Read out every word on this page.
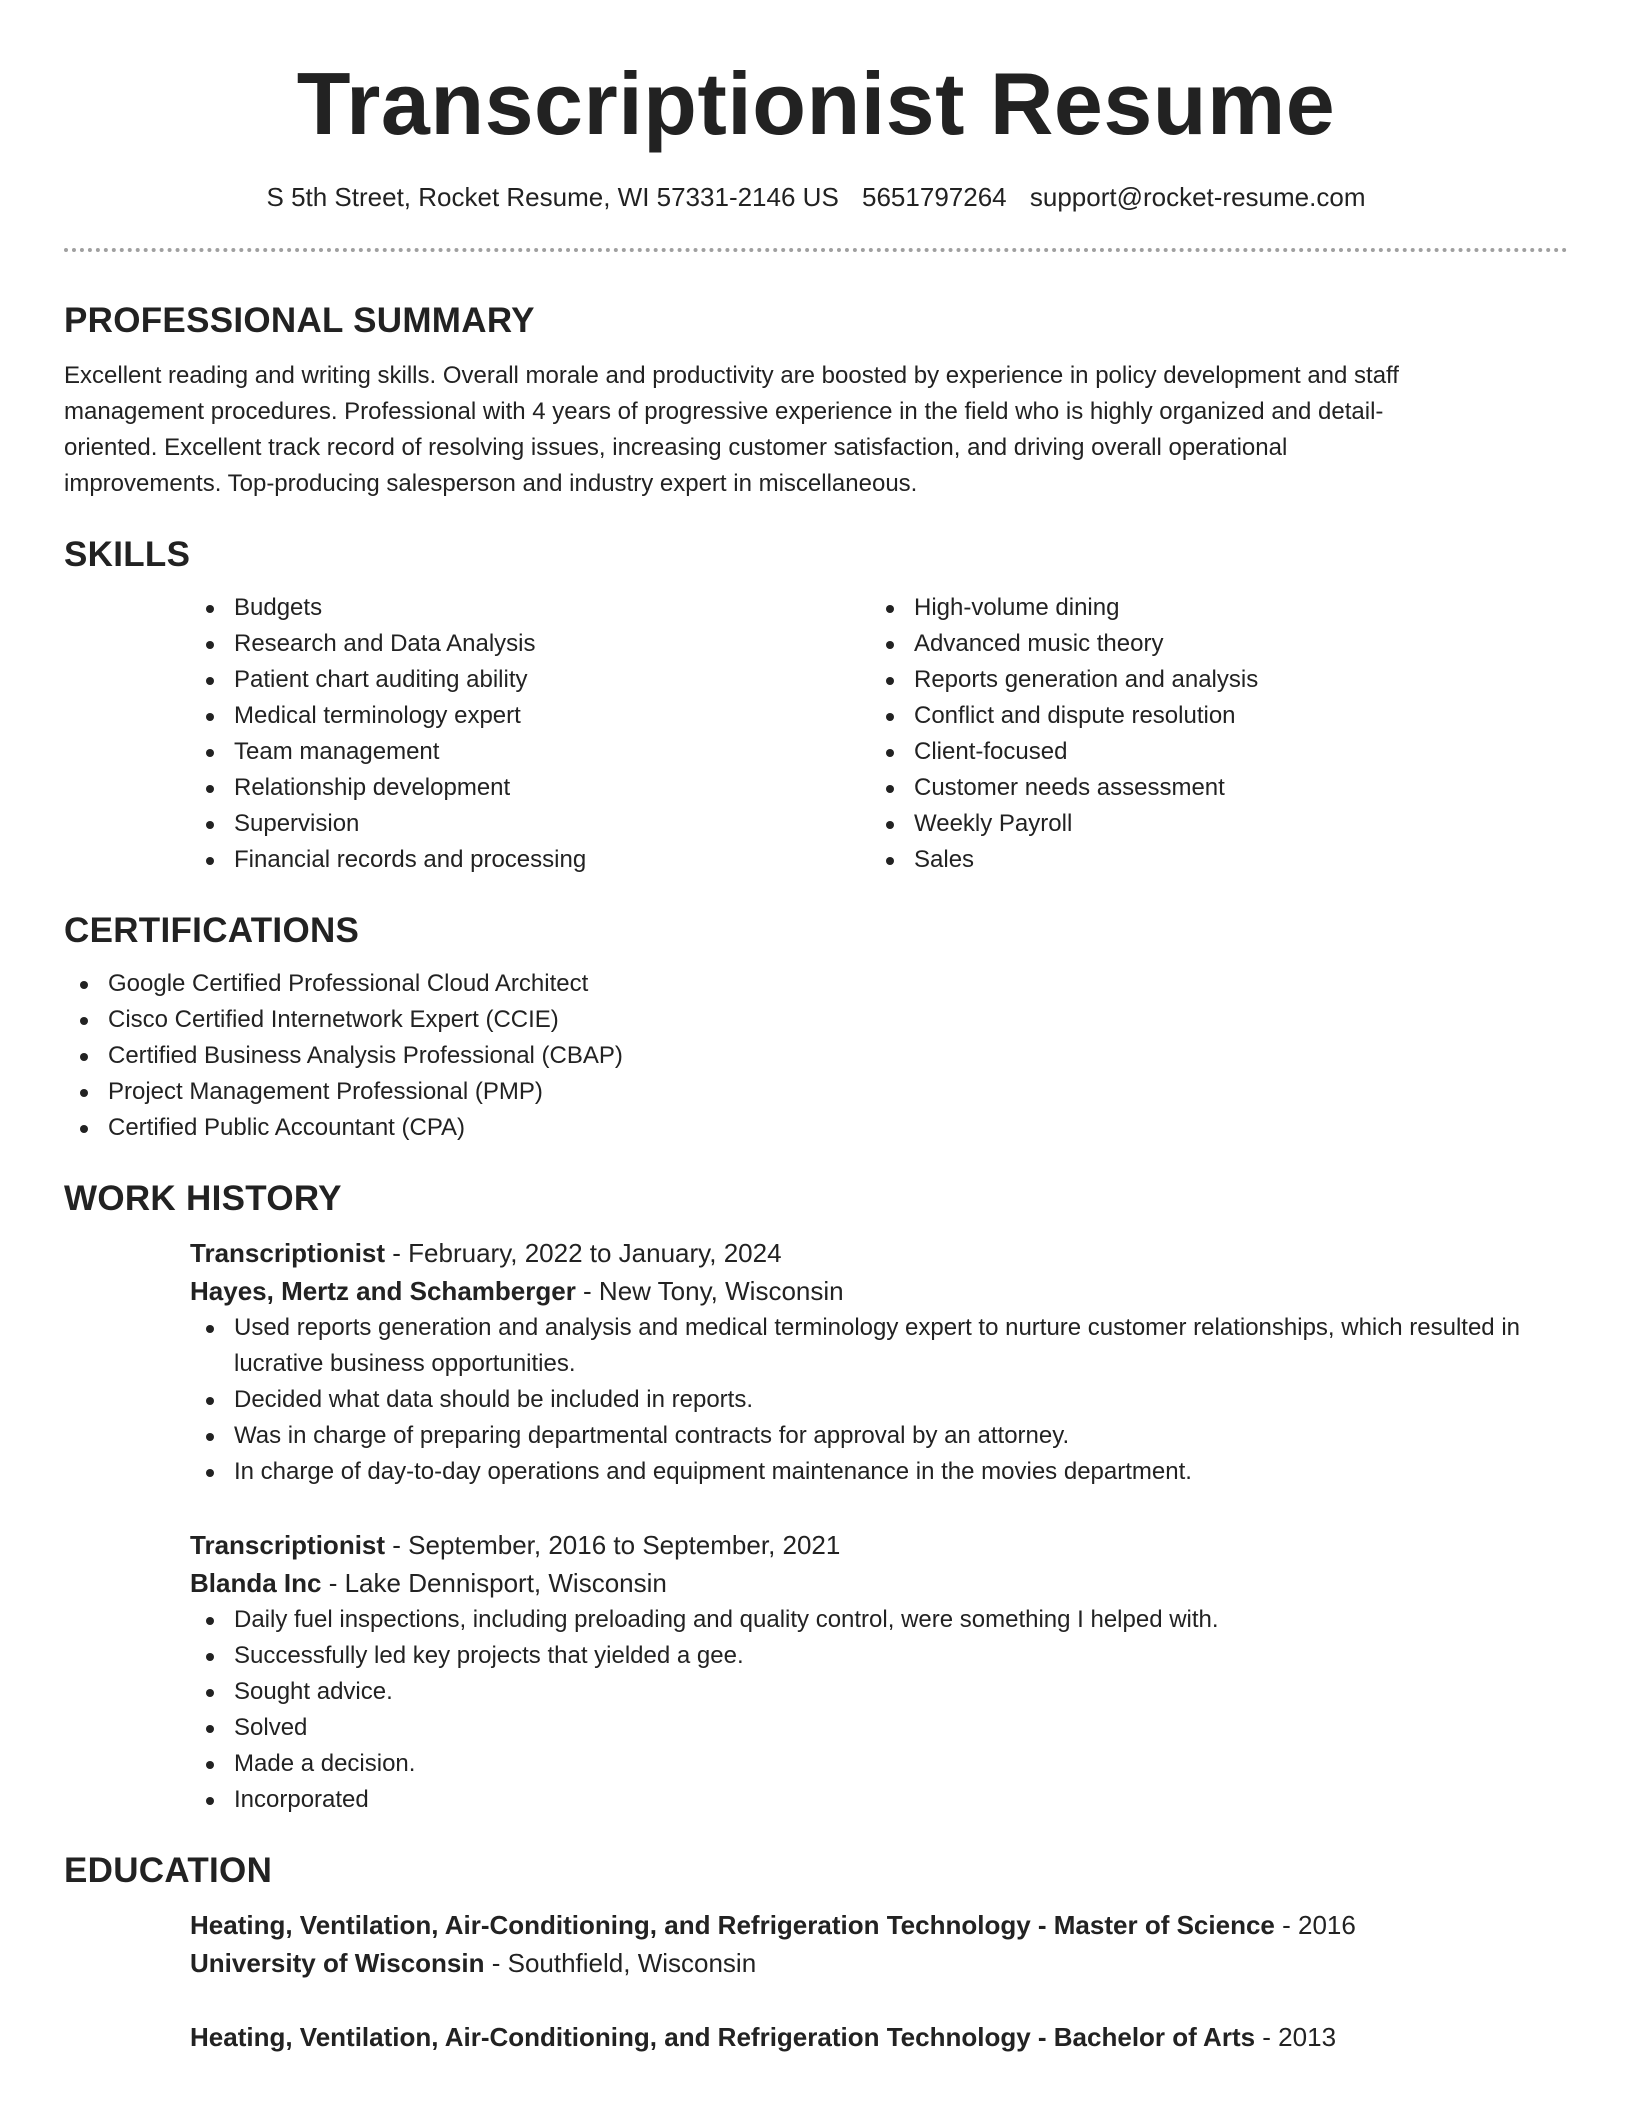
Transcriptionist Resume
S 5th Street, Rocket Resume, WI 57331-2146 US 5651797264 support@rocket-resume.com
PROFESSIONAL SUMMARY

Excellent reading and writing skills. Overall morale and productivity are boosted by experience in policy development and staff management procedures. Professional with 4 years of progressive experience in the field who is highly organized and detail-oriented. Excellent track record of resolving issues, increasing customer satisfaction, and driving overall operational improvements. Top-producing salesperson and industry expert in miscellaneous.

SKILLS
Budgets
Research and Data Analysis
Patient chart auditing ability
Medical terminology expert
Team management
Relationship development
Supervision
Financial records and processing
High-volume dining
Advanced music theory
Reports generation and analysis
Conflict and dispute resolution
Client-focused
Customer needs assessment
Weekly Payroll
Sales
CERTIFICATIONS
Google Certified Professional Cloud Architect
Cisco Certified Internetwork Expert (CCIE)
Certified Business Analysis Professional (CBAP)
Project Management Professional (PMP)
Certified Public Accountant (CPA)
WORK HISTORY
Transcriptionist - February, 2022 to January, 2024
Hayes, Mertz and Schamberger - New Tony, Wisconsin
Used reports generation and analysis and medical terminology expert to nurture customer relationships, which resulted in lucrative business opportunities.
Decided what data should be included in reports.
Was in charge of preparing departmental contracts for approval by an attorney.
In charge of day-to-day operations and equipment maintenance in the movies department.
Transcriptionist - September, 2016 to September, 2021
Blanda Inc - Lake Dennisport, Wisconsin
Daily fuel inspections, including preloading and quality control, were something I helped with.
Successfully led key projects that yielded a gee.
Sought advice.
Solved
Made a decision.
Incorporated
EDUCATION
Heating, Ventilation, Air-Conditioning, and Refrigeration Technology - Master of Science - 2016
University of Wisconsin - Southfield, Wisconsin
Heating, Ventilation, Air-Conditioning, and Refrigeration Technology - Bachelor of Arts - 2013
